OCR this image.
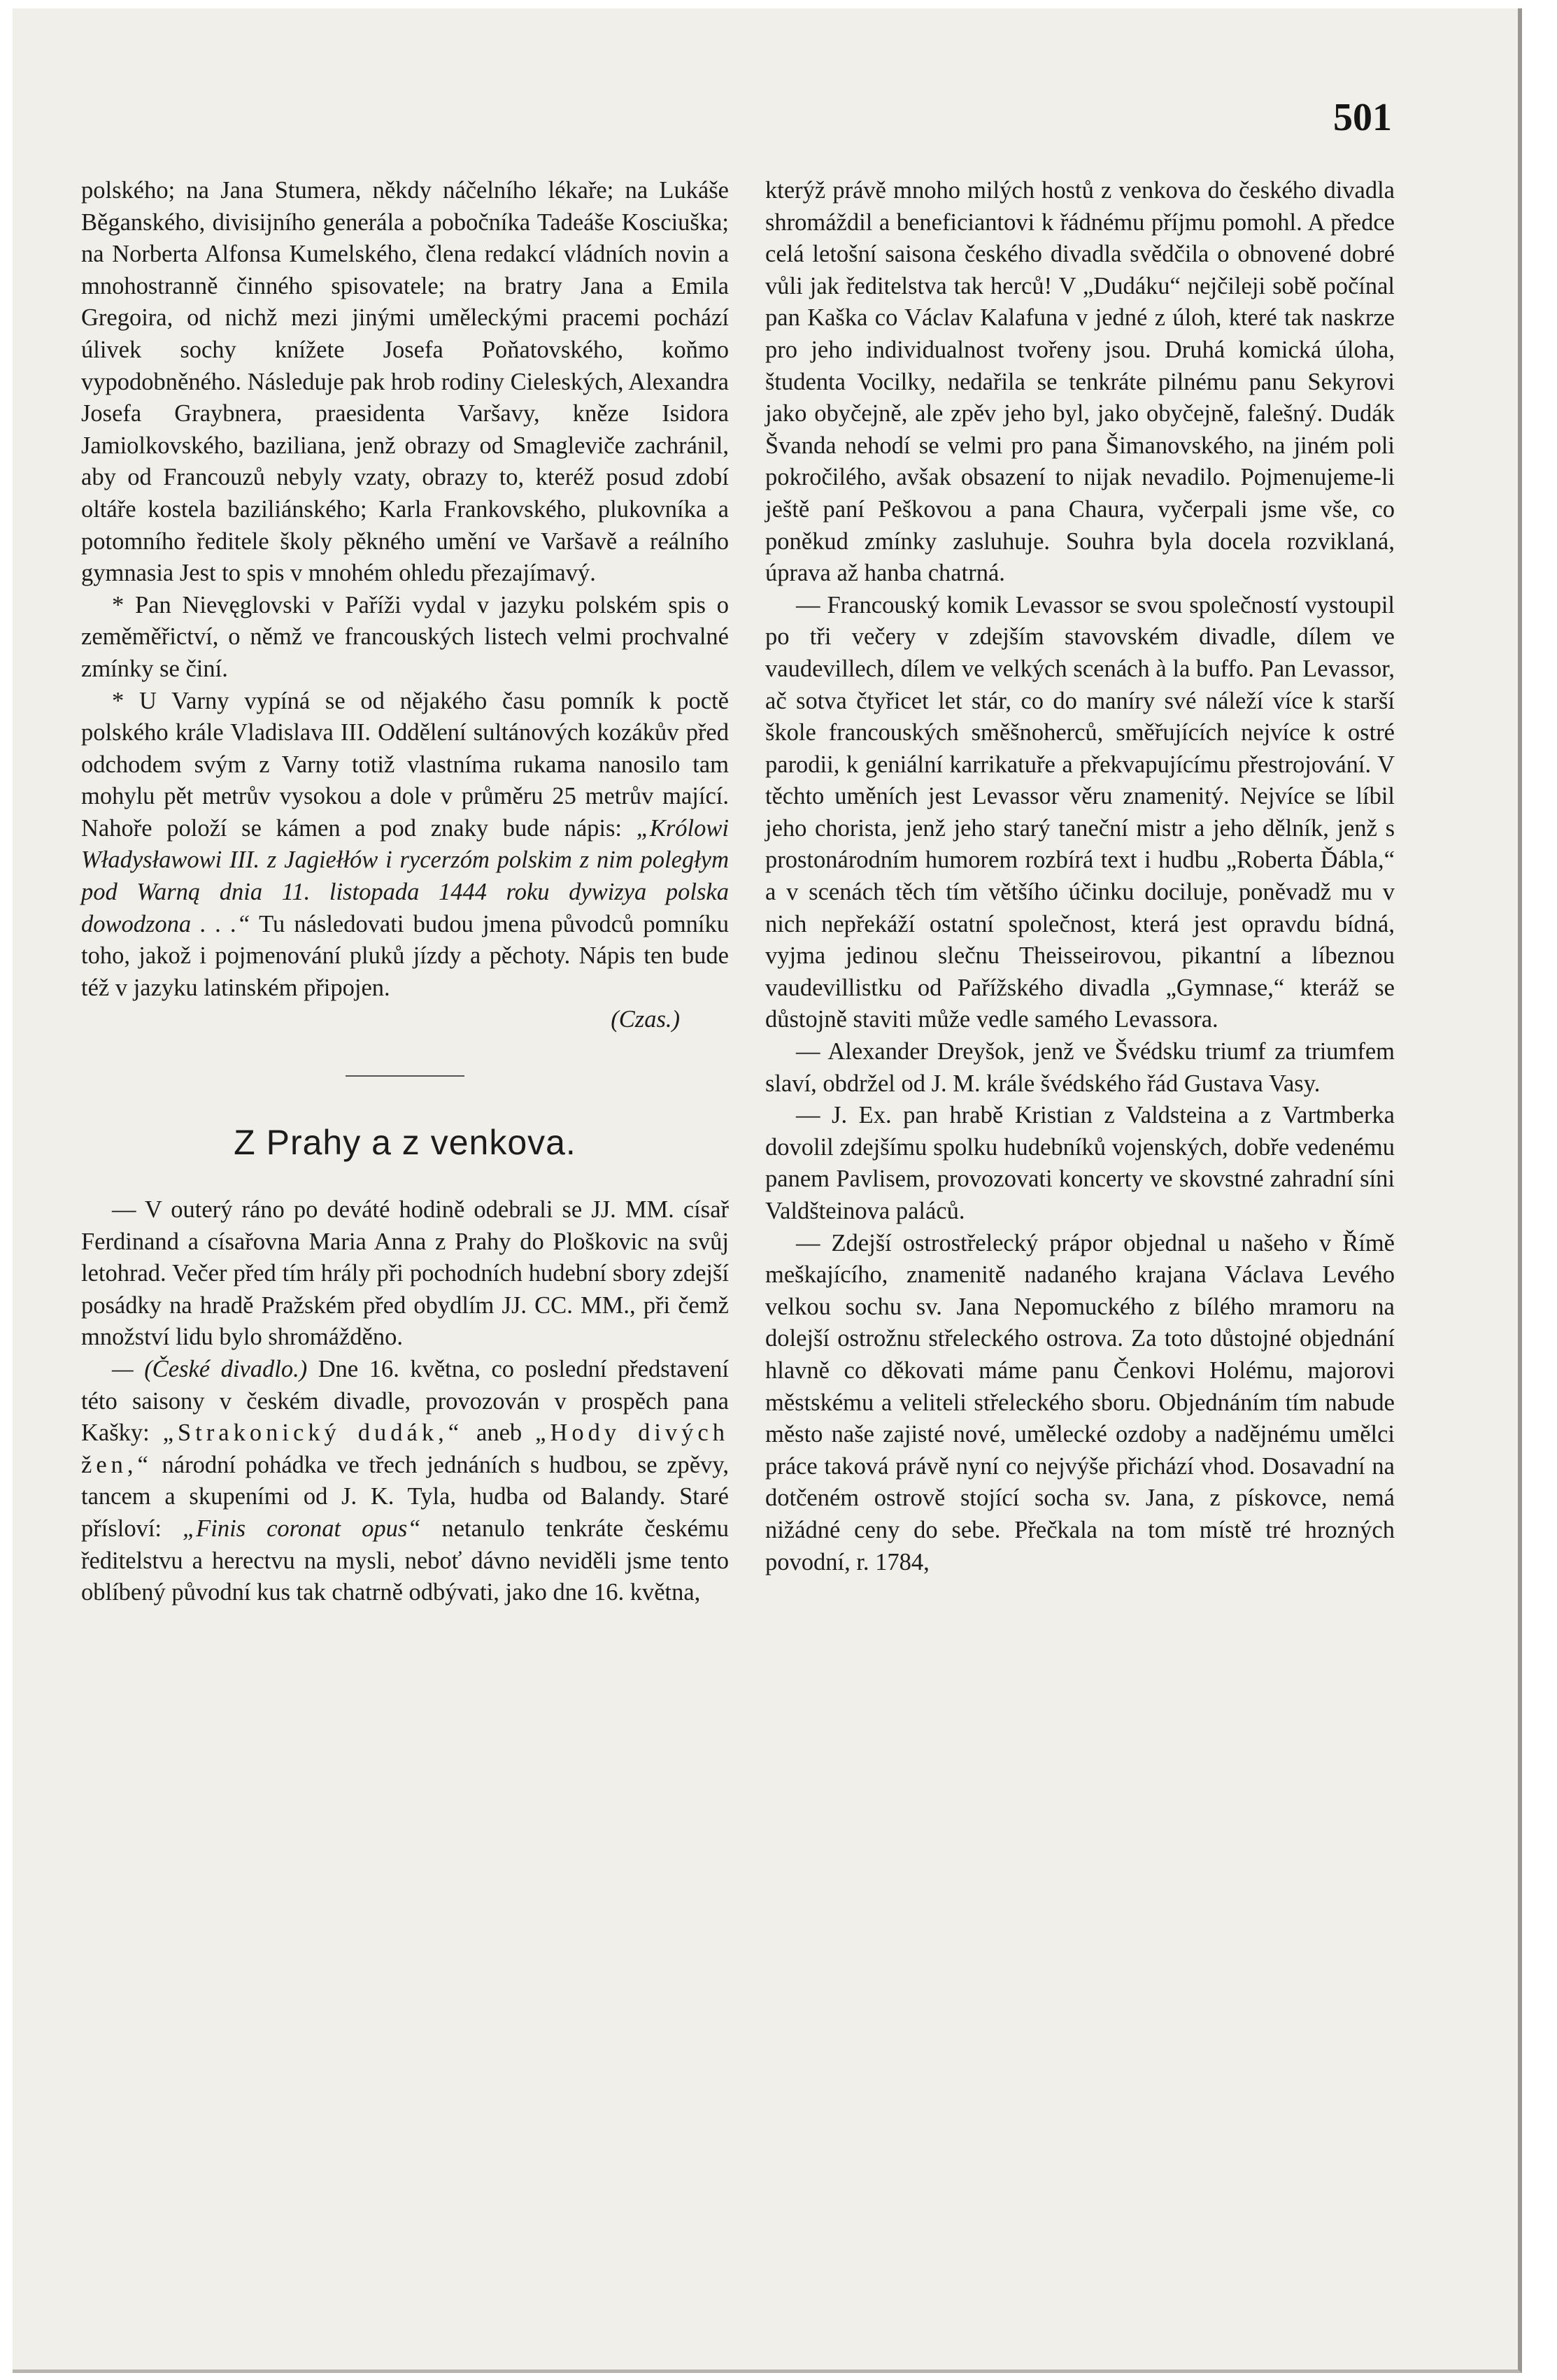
501

polského; na Jana Stumera, někdy náčelního lékaře; na Lukáše Běganského, divisijního generála a pobočníka Tadeáše Kosciuška; na Norberta Alfonsa Kumelského, člena redakcí vládních novin a mnohostranně činného spisovatele; na bratry Jana a Emila Gregoira, od nichž mezi jinými uměleckými pracemi pochází úlivek sochy knížete Josefa Poňatovského, koňmo vypodobněného. Následuje pak hrob rodiny Cieleských, Alexandra Josefa Graybnera, praesidenta Varšavy, kněze Isidora Jamiolkovského, baziliana, jenž obrazy od Smagleviče zachránil, aby od Francouzů nebyly vzaty, obrazy to, kteréž posud zdobí oltáře kostela baziliánského; Karla Frankovského, plukovníka a potomního ředitele školy pěkného umění ve Varšavě a reálního gymnasia Jest to spis v mnohém ohledu přezajímavý.

* Pan Nievęglovski v Paříži vydal v jazyku polském spis o zeměměřictví, o němž ve francouských listech velmi prochvalné zmínky se činí.

* U Varny vypíná se od nějakého času pomník k poctě polského krále Vladislava III. Oddělení sultánových kozákův před odchodem svým z Varny totiž vlastníma rukama nanosilo tam mohylu pět metrův vysokou a dole v průměru 25 metrův mající. Nahoře položí se kámen a pod znaky bude nápis: „Królowi Władysławowi III. z Jagiełłów i rycerzóm polskim z nim poległym pod Warną dnia 11. listopada 1444 roku dywizya polska dowodzona . . .“ Tu následovati budou jmena původců pomníku toho, jakož i pojmenování pluků jízdy a pěchoty. Nápis ten bude též v jazyku latinském připojen.

(Czas.)

Z Prahy a z venkova.

— V outerý ráno po deváté hodině odebrali se JJ. MM. císař Ferdinand a císařovna Maria Anna z Prahy do Ploškovic na svůj letohrad. Večer před tím hrály při pochodních hudební sbory zdejší posádky na hradě Pražském před obydlím JJ. CC. MM., při čemž množství lidu bylo shromážděno.

— (České divadlo.) Dne 16. května, co poslední představení této saisony v českém divadle, provozován v prospěch pana Kašky: „Strakonický dudák,“ aneb „Hody divých žen,“ národní pohádka ve třech jednáních s hudbou, se zpěvy, tancem a skupeními od J. K. Tyla, hudba od Balandy. Staré přísloví: „Finis coronat opus“ netanulo tenkráte českému ředitelstvu a herectvu na mysli, neboť dávno neviděli jsme tento oblíbený původní kus tak chatrně odbývati, jako dne 16. května,

kterýž právě mnoho milých hostů z venkova do českého divadla shromáždil a beneficiantovi k řádnému příjmu pomohl. A předce celá letošní saisona českého divadla svědčila o obnovené dobré vůli jak ředitelstva tak herců! V „Dudáku“ nejčileji sobě počínal pan Kaška co Václav Kalafuna v jedné z úloh, které tak naskrze pro jeho individualnost tvořeny jsou. Druhá komická úloha, študenta Vocilky, nedařila se tenkráte pilnému panu Sekyrovi jako obyčejně, ale zpěv jeho byl, jako obyčejně, falešný. Dudák Švanda neh​odí se velmi pro pana Šimanovského, na jiném poli pokročilého, avšak obsazení to nijak nevadilo. Pojmenujeme-li ještě paní Peškovou a pana Chaura, vyčerpali jsme vše, co poněkud zmínky zasluhuje. Souhra byla docela rozviklaná, úprava až hanba chatrná.

— Francouský komik Levassor se svou společností vystoupil po tři večery v zdejším stavovském divadle, dílem ve vaudevillech, dílem ve velkých scenách à la buffo. Pan Levassor, ač sotva čtyřicet let stár, co do maníry své náleží více k starší škole francouských směšnoherců, směřujících nejvíce k ostré parodii, k geniální karrikatuře a překvapujícímu přestrojování. V těchto uměních jest Levassor věru znamenitý. Nejvíce se líbil jeho chorista, jenž jeho starý taneční mistr a jeho dělník, jenž s prostonárodním humorem rozbírá text i hudbu „Roberta Ďábla,“ a v scenách těch tím většího účinku dociluje, poněvadž mu v nich nepřekáží ostatní společnost, která jest opravdu bídná, vyjma jedinou slečnu Theisseirovou, pikantní a líbeznou vaudevillistku od Pařížského divadla „Gymnase,“ kteráž se důstojně staviti může vedle samého Levassora.

— Alexander Dreyšok, jenž ve Švédsku triumf za triumfem slaví, obdržel od J. M. krále švédského řád Gustava Vasy.

— J. Ex. pan hrabě Kristian z Valdsteina a z Vartmberka dovolil zdejšímu spolku hudebníků vojenských, dobře vedenému panem Pavlisem, provozovati koncerty ve skovstné zahradní síni Valdšteinova paláců.

— Zdejší ostrostřelecký prápor objednal u našeho v Římě meškajícího, znamenitě nadaného krajana Václava Levého velkou sochu sv. Jana Nepomuckého z bílého mramoru na dolejší ostrožnu střeleckého ostrova. Za toto důstojné objednání hlavně co děkovati máme panu Čenkovi Holému, majorovi městskému a veliteli střeleckého sboru. Objednáním tím nabude město naše zajisté nové, umělecké ozdoby a nadějnému umělci práce taková právě nyní co nejvýše přichází vhod. Dosavadní na dotčeném ostrově stojící socha sv. Jana, z pískovce, nemá nižádné ceny do sebe. Přečkala na tom místě tré hrozných povodní, r. 1784,
